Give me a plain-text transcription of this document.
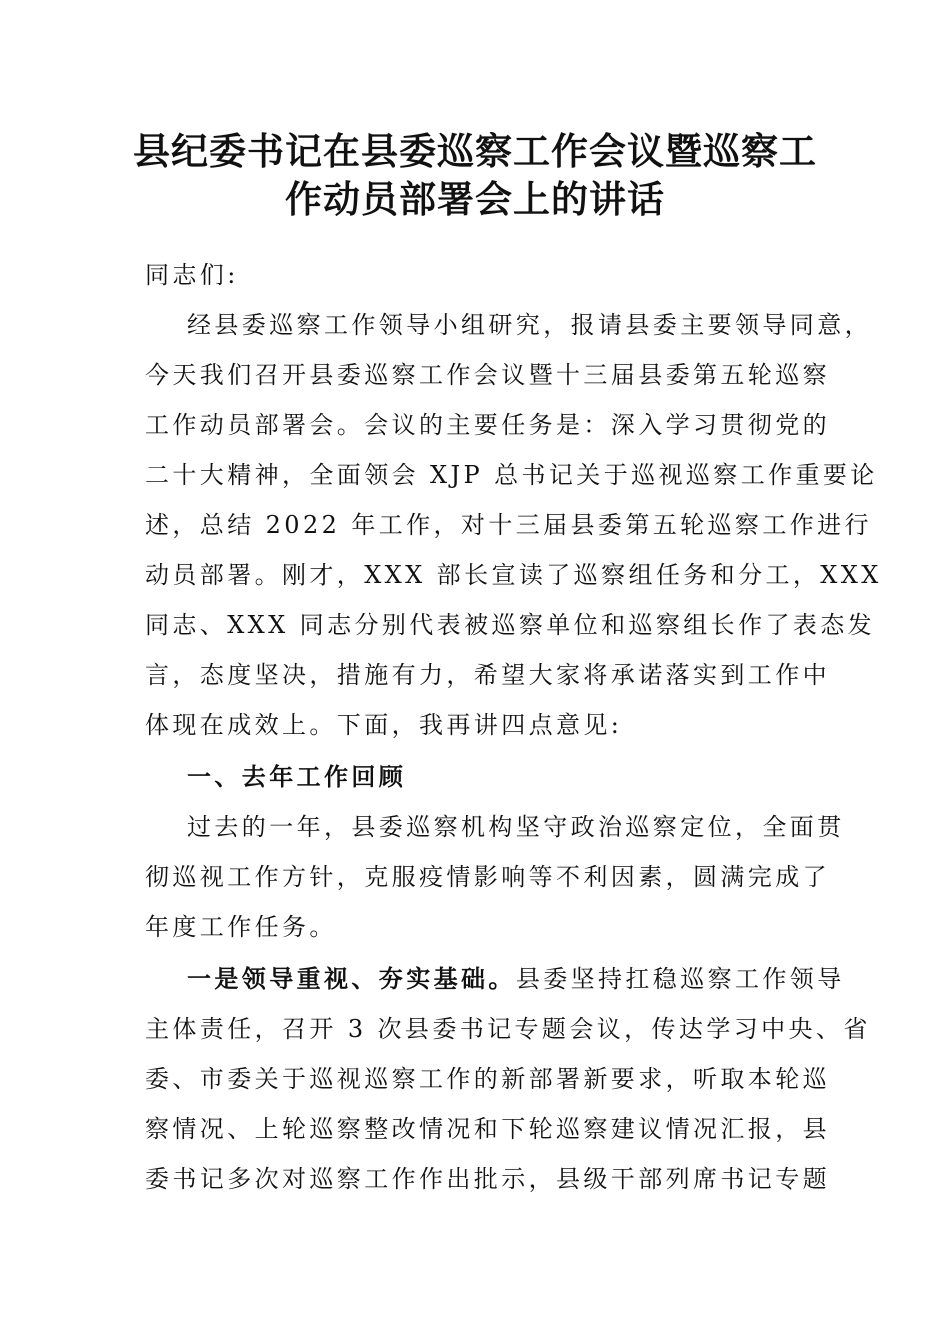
县纪委书记在县委巡察工作会议暨巡察工
作动员部署会上的讲话
同志们:
经县委巡察工作领导小组研究，报请县委主要领导同意，
今天我们召开县委巡察工作会议暨十三届县委第五轮巡察
工作动员部署会。会议的主要任务是：深入学习贯彻党的
二十大精神，全面领会 XJP 总书记关于巡视巡察工作重要论
述，总结 2022 年工作，对十三届县委第五轮巡察工作进行
动员部署。刚才，XXX 部长宣读了巡察组任务和分工，XXX
同志、XXX 同志分别代表被巡察单位和巡察组长作了表态发
言，态度坚决，措施有力，希望大家将承诺落实到工作中
体现在成效上。下面，我再讲四点意见:
一、去年工作回顾
过去的一年，县委巡察机构坚守政治巡察定位，全面贯
彻巡视工作方针，克服疫情影响等不利因素，圆满完成了
年度工作任务。
一是领导重视、夯实基础。县委坚持扛稳巡察工作领导
主体责任，召开 3 次县委书记专题会议，传达学习中央、省
委、市委关于巡视巡察工作的新部署新要求，听取本轮巡
察情况、上轮巡察整改情况和下轮巡察建议情况汇报，县
委书记多次对巡察工作作出批示，县级干部列席书记专题
